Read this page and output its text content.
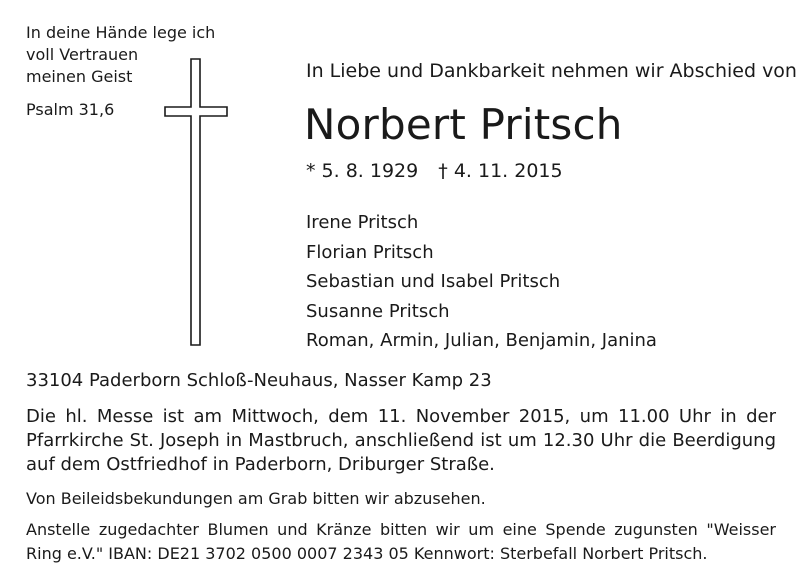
In deine Hände lege ich
voll Vertrauen
meinen Geist
Psalm 31,6
In Liebe und Dankbarkeit nehmen wir Abschied von
Norbert Pritsch
* 5. 8. 1929 † 4. 11. 2015
Irene Pritsch
Florian Pritsch
Sebastian und Isabel Pritsch
Susanne Pritsch
Roman, Armin, Julian, Benjamin, Janina
33104 Paderborn Schloß-Neuhaus, Nasser Kamp 23
Die hl. Messe ist am Mittwoch, dem 11. November 2015, um 11.00 Uhr in der
Pfarrkirche St. Joseph in Mastbruch, anschließend ist um 12.30 Uhr die Beerdigung
auf dem Ostfriedhof in Paderborn, Driburger Straße.
Von Beileidsbekundungen am Grab bitten wir abzusehen.
Anstelle zugedachter Blumen und Kränze bitten wir um eine Spende zugunsten "Weisser
Ring e.V." IBAN: DE21 3702 0500 0007 2343 05 Kennwort: Sterbefall Norbert Pritsch.
